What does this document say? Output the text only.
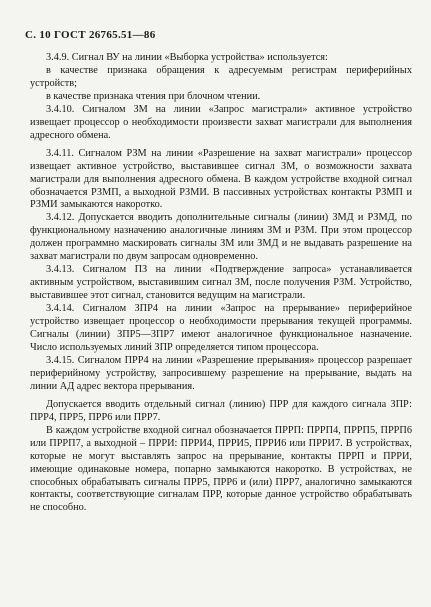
С. 10 ГОСТ 26765.51—86

3.4.9. Сигнал ВУ на линии «Выборка устройства» используется:

в качестве признака обращения к адресуемым регистрам периферийных устройств;

в качестве признака чтения при блочном чтении.

3.4.10. Сигналом ЗМ на линии «Запрос магистрали» активное устройство извещает процессор о необходимости произвести захват магистрали для выполнения адресного обмена.

3.4.11. Сигналом РЗМ на линии «Разрешение на захват магистрали» процессор извещает активное устройство, выставившее сигнал ЗМ, о возможности захвата магистрали для выполнения адресного обмена. В каждом устройстве входной сигнал обозначается РЗМП, а выходной РЗМИ. В пассивных устройствах контакты РЗМП и РЗМИ замыкаются накоротко.

3.4.12. Допускается вводить дополнительные сигналы (линии) ЗМД и РЗМД, по функциональному назначению аналогичные линиям ЗМ и РЗМ. При этом процессор должен программно маскировать сигналы ЗМ или ЗМД и не выдавать разрешение на захват магистрали по двум запросам одновременно.

3.4.13. Сигналом ПЗ на линии «Подтверждение запроса» устанавливается активным устройством, выставившим сигнал ЗМ, после получения РЗМ. Устройство, выставившее этот сигнал, становится ведущим на магистрали.

3.4.14. Сигналом ЗПР4 на линии «Запрос на прерывание» периферийное устройство извещает процессор о необходимости прерывания текущей программы. Сигналы (линии) ЗПР5—ЗПР7 имеют аналогичное функциональное назначение. Число используемых линий ЗПР определяется типом процессора.

3.4.15. Сигналом ПРР4 на линии «Разрешение прерывания» процессор разрешает периферийному устройству, запросившему разрешение на прерывание, выдать на линии АД адрес вектора прерывания.

Допускается вводить отдельный сигнал (линию) ПРР для каждого сигнала ЗПР: ПРР4, ПРР5, ПРР6 или ПРР7.

В каждом устройстве входной сигнал обозначается ПРРП: ПРРП4, ПРРП5, ПРРП6 или ПРРП7, а выходной – ПРРИ: ПРРИ4, ПРРИ5, ПРРИ6 или ПРРИ7. В устройствах, которые не могут выставлять запрос на прерывание, контакты ПРРП и ПРРИ, имеющие одинаковые номера, попарно замыкаются накоротко. В устройствах, не способных обрабатывать сигналы ПРР5, ПРР6 и (или) ПРР7, аналогично замыкаются контакты, соответствующие сигналам ПРР, которые данное устройство обрабатывать не способно.
